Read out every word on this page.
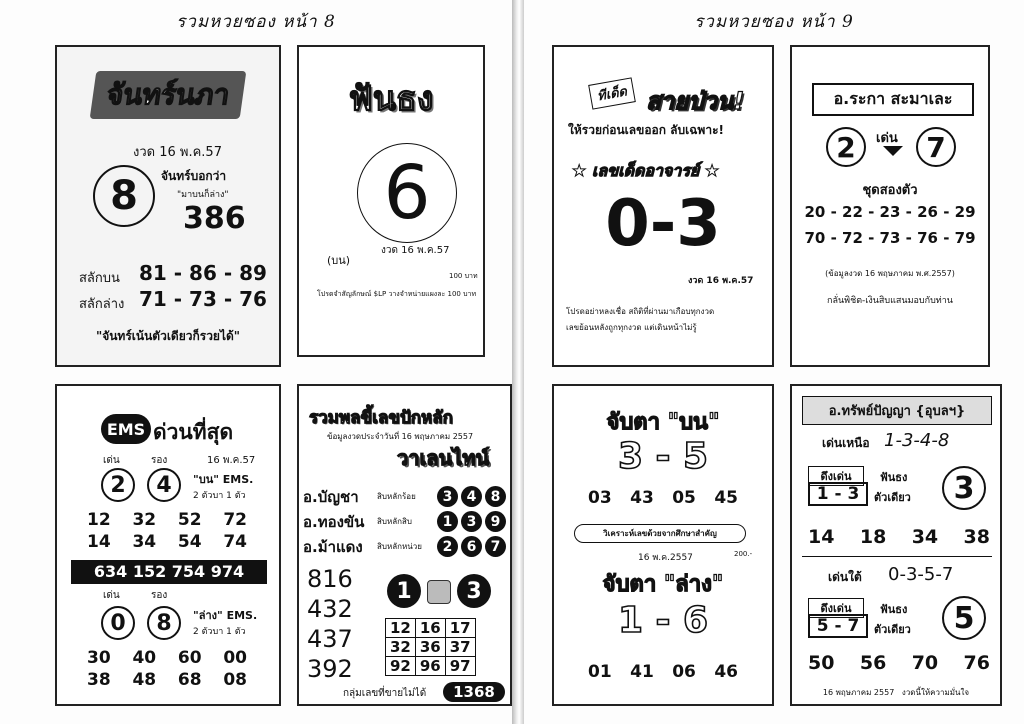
รวมหวยซอง หน้า 8
จันทร์นภา
งวด 16 พ.ค.57
8	จันทร์บอกว่า
"มาบนก็ล่าง"
386
สลักบน 81 - 86 - 89
สลักล่าง 71 - 73 - 76
"จันทร์เน้นตัวเดียวก็รวยได้"
ฟันธง
6
(บน)
งวด 16 พ.ค.57
100 บาท
โปรดจำสัญลักษณ์ $LP วางจำหน่ายแผงละ 100 บาท
EMS ด่วนที่สุด
เด่น	รอง	16 พ.ค.57
2	4	"บน" EMS.
2 ตัวบา 1 ตัว
12 32 52 72
14 34 54 74
634 152 754 974
เด่น	รอง
0	8	"ล่าง" EMS.
2 ตัวบา 1 ตัว
30 40 60 00
38 48 68 08
รวมพลขี้เลขปักหลัก
ข้อมูลงวดประจำวันที่ 16 พฤษภาคม 2557
วาเลนไทน์
อ.บัญชา	สิบหลักร้อย	3	4	8
อ.ทองขัน	สิบหลักสิบ	1	3	9
อ.ม้าแดง	สิบหลักหน่วย	2	6	7
816
432
437
392
1	3
12	16	17
32	36	37
92	96	97
กลุ่มเลขที่ขายไม่ได้	1368
รวมหวยซอง หน้า 9
ทีเด็ด สายป่วน!
ให้รวยก่อนเลขออก ลับเฉพาะ!
★ เลขเด็ดอาจารย์ ★
0-3
งวด 16 พ.ค.57
โปรดอย่าหลงเชื่อ สถิติที่ผ่านมาเกือบทุกงวด
เลขย้อนหลังถูกทุกงวด แต่เดินหน้าไม่รู้
อ.ระกา สะมาเละ
2	เด่น	7
ชุดสองตัว
20 - 22 - 23 - 26 - 29
70 - 72 - 73 - 76 - 79
(ข้อมูลงวด 16 พฤษภาคม พ.ศ.2557)
กลั่นพิชิต-เงินสิบแสนมอบกับท่าน
จับตา "บน"
3 - 5
03 43 05 45
วิเคราะห์เลขด้วยจากศึกษาสำคัญ
16 พ.ค.2557	200.-
จับตา "ล่าง"
1 - 6
01 41 06 46
อ.ทรัพย์ปัญญา {อุบลฯ}
เด่นเหนือ 1-3-4-8
ดึงเด่น
1 - 3
ฟันธง
ตัวเดียว	3
14 18 34 38
เด่นใต้ 0-3-5-7
ดึงเด่น
5 - 7
ฟันธง
ตัวเดียว	5
50 56 70 76
16 พฤษภาคม 2557   งวดนี้ให้ความมั่นใจ
